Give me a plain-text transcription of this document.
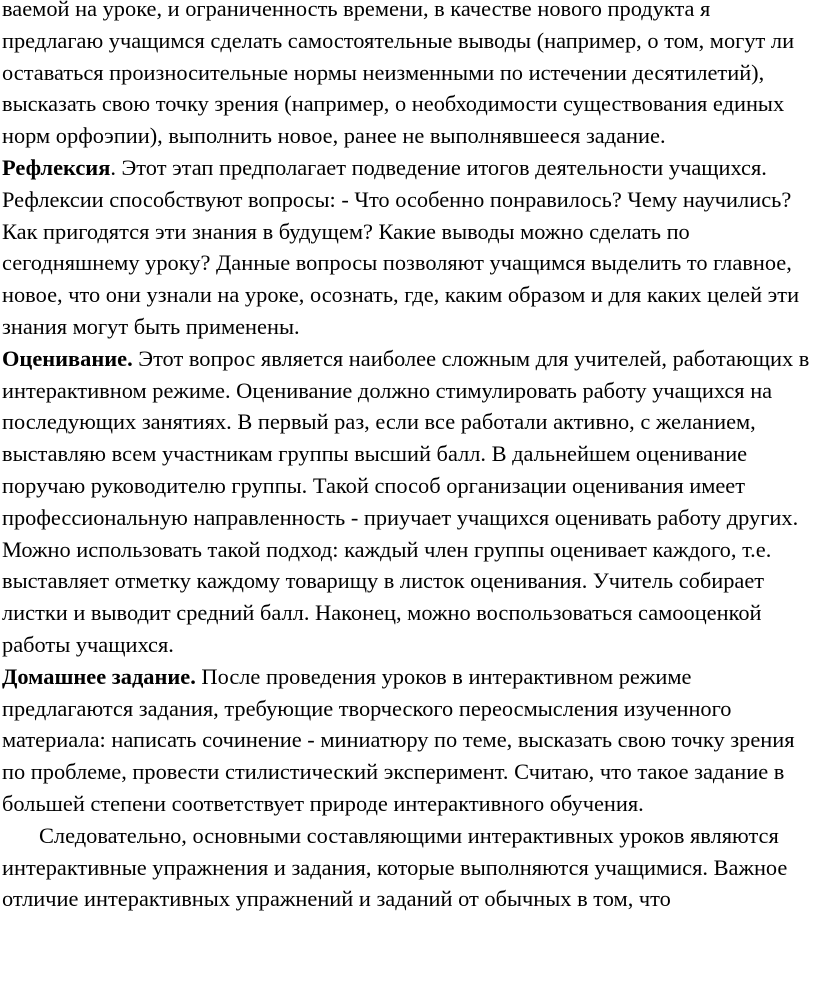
ваемой на уроке, и ограниченность времени, в качестве нового продукта я предлагаю учащимся сделать самостоятельные выводы (например, о том, могут ли оставаться произносительные нормы неизменными по истечении десятилетий), высказать свою точку зрения (например, о необходимости существования единых норм орфоэпии), выполнить новое, ранее не выполнявшееся задание.

Рефлексия. Этот этап предполагает подведение итогов деятельности учащихся. Рефлексии способствуют вопросы: - Что особенно понравилось? Чему научились? Как пригодятся эти знания в будущем? Какие выводы можно сделать по сегодняшнему уроку? Данные вопросы позволяют учащимся выделить то главное, новое, что они узнали на уроке, осознать, где, каким образом и для каких целей эти знания могут быть применены.

Оценивание. Этот вопрос является наиболее сложным для учителей, работающих в интерактивном режиме. Оценивание должно стимулировать работу учащихся на последующих занятиях. В первый раз, если все работали активно, с желанием, выставляю всем участникам группы высший балл. В дальнейшем оценивание поручаю руководителю группы. Такой способ организации оценивания имеет профессиональную направленность - приучает учащихся оценивать работу других. Можно использовать такой подход: каждый член группы оценивает каждого, т.е. выставляет отметку каждому товарищу в листок оценивания. Учитель собирает листки и выводит средний балл. Наконец, можно воспользоваться самооценкой работы учащихся.

Домашнее задание. После проведения уроков в интерактивном режиме предлагаются задания, требующие творческого переосмысления изученного материала: написать сочинение - миниатюру по теме, высказать свою точку зрения по проблеме, провести стилистический эксперимент. Считаю, что такое задание в большей степени соответствует природе интерактивного обучения.

Следовательно, основными составляющими интерактивных уроков являются интерактивные упражнения и задания, которые выполняются учащимися. Важное отличие интерактивных упражнений и заданий от обычных в том, что
